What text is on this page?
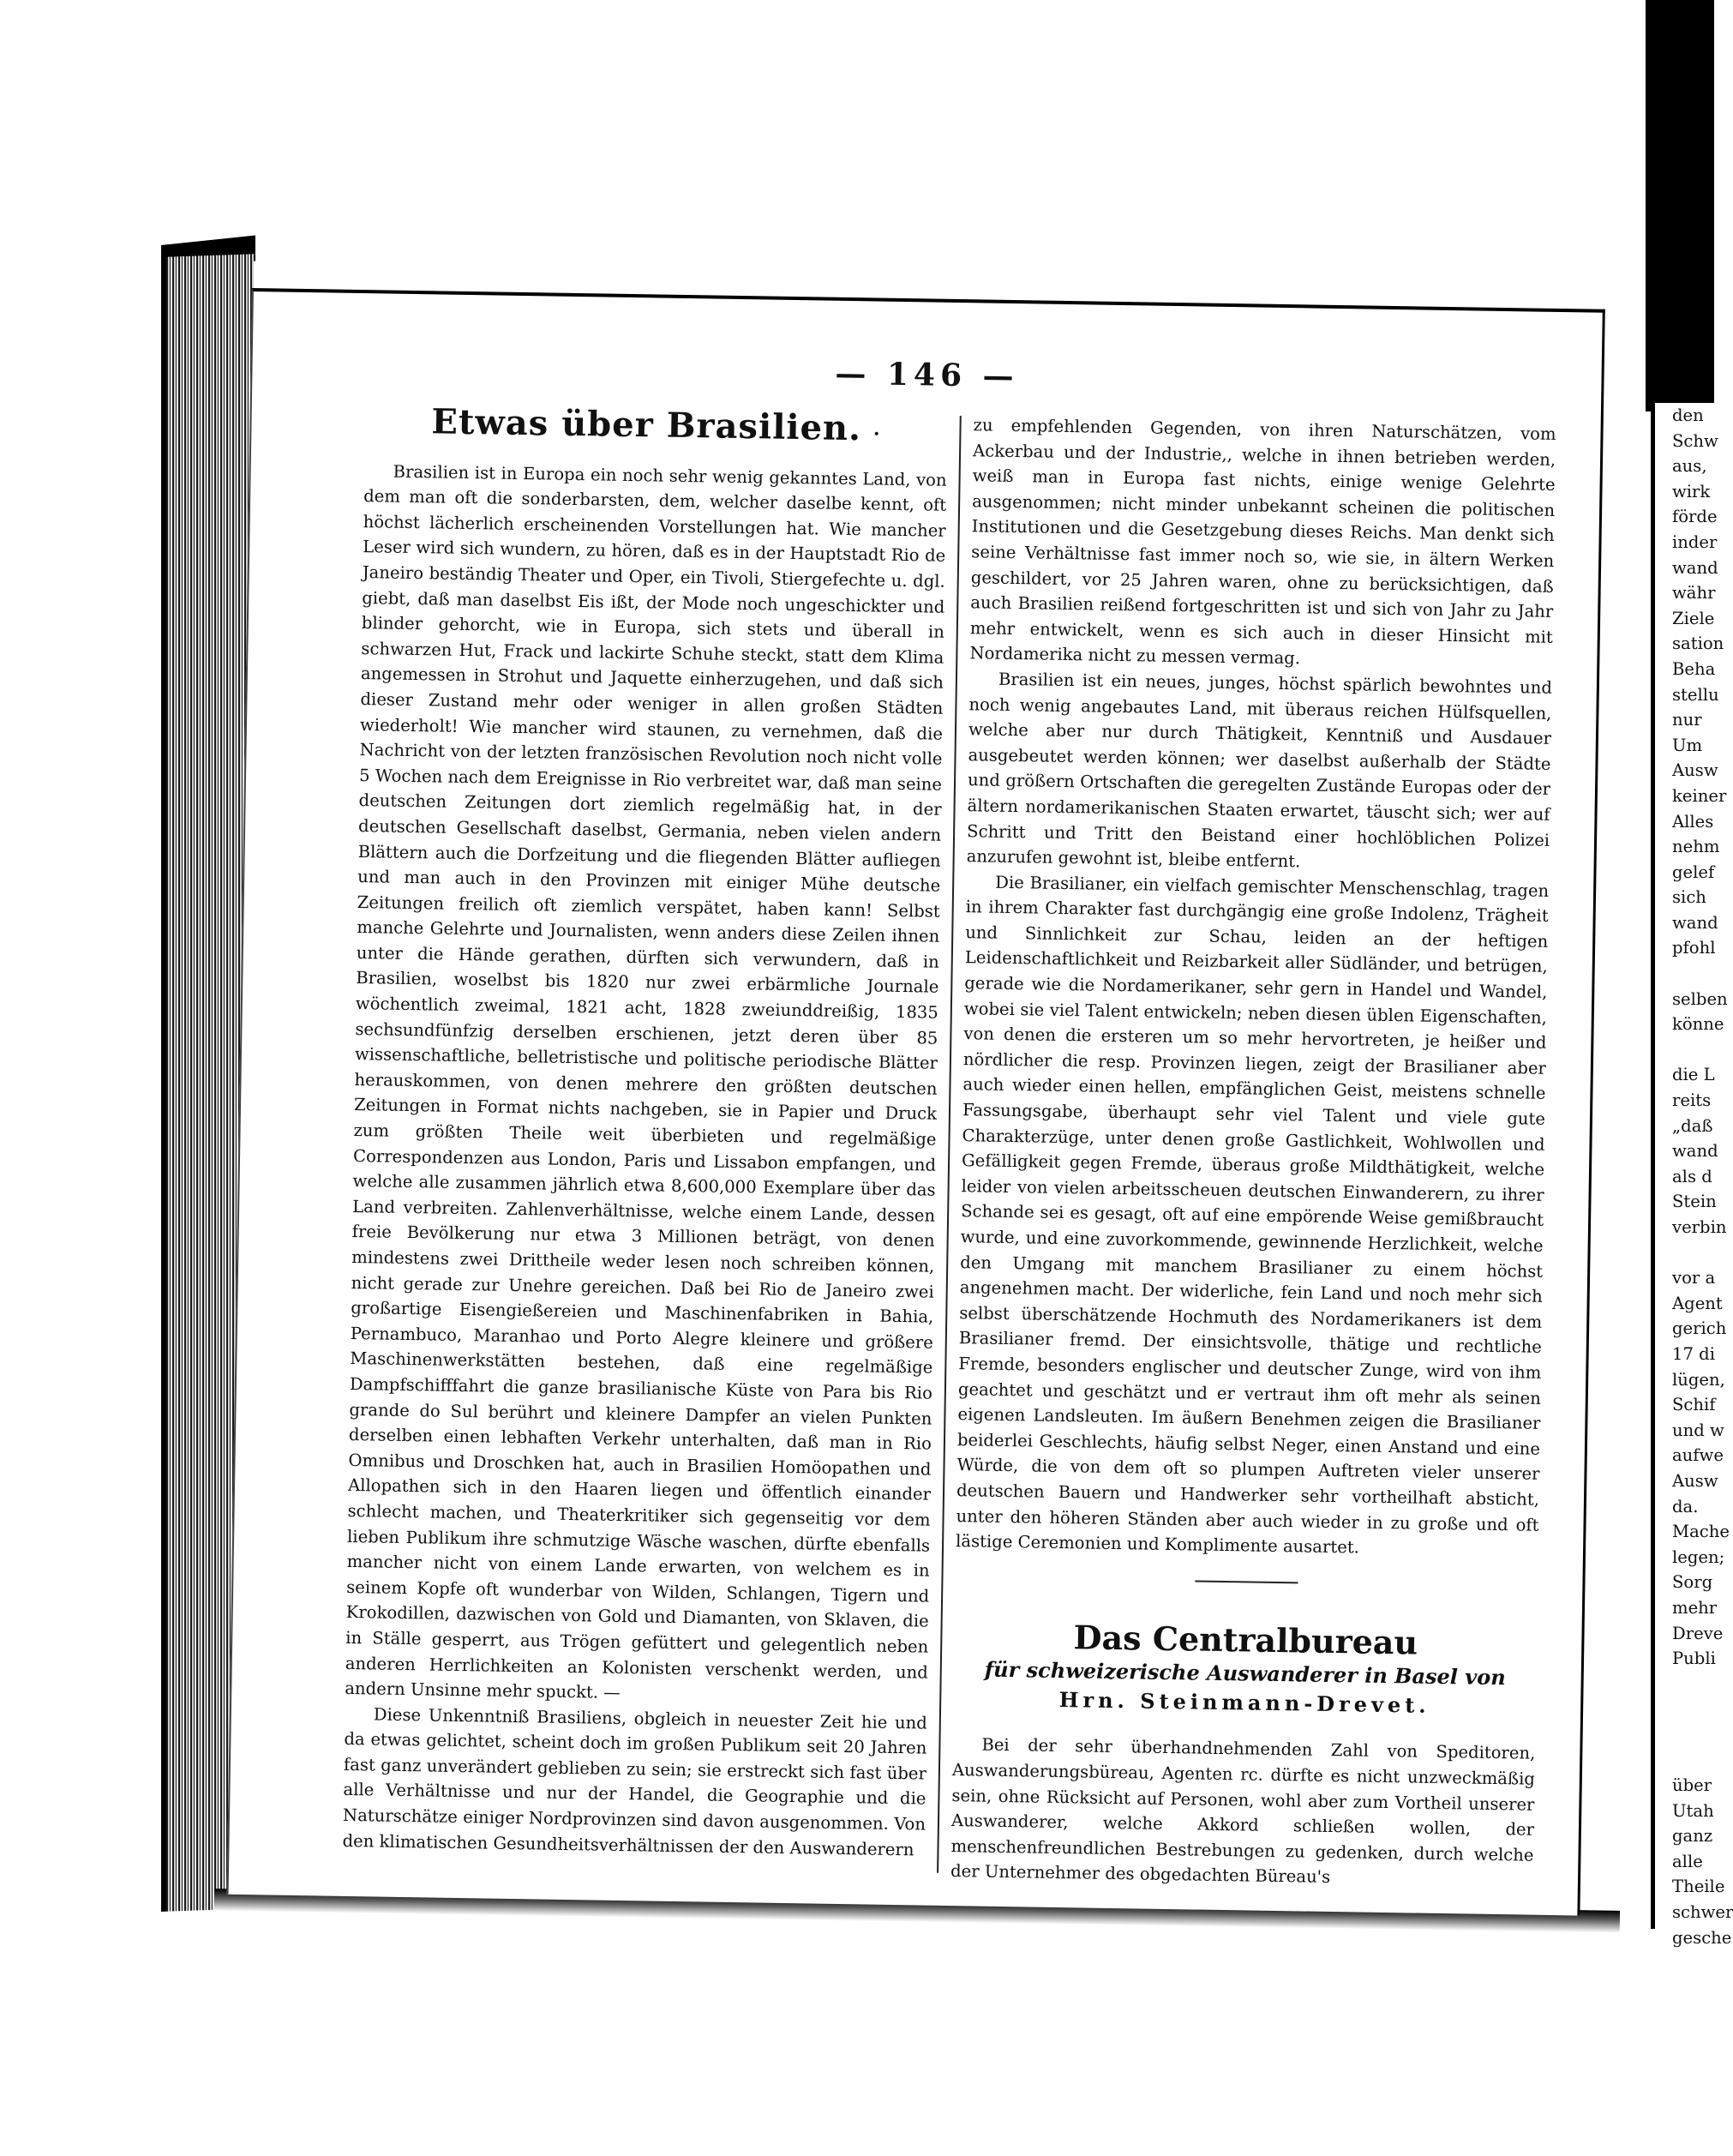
— 146 —
Etwas über Brasilien. ·

Brasilien ist in Europa ein noch sehr wenig gekanntes Land, von dem man oft die sonderbarsten, dem, welcher daselbe kennt, oft höchst lächerlich erscheinenden Vorstellungen hat. Wie mancher Leser wird sich wundern, zu hören, daß es in der Hauptstadt Rio de Janeiro beständig Theater und Oper, ein Tivoli, Stiergefechte u. dgl. giebt, daß man daselbst Eis ißt, der Mode noch ungeschickter und blinder gehorcht, wie in Europa, sich stets und überall in schwarzen Hut, Frack und lackirte Schuhe steckt, statt dem Klima angemessen in Strohut und Jaquette einherzugehen, und daß sich dieser Zustand mehr oder weniger in allen großen Städten wiederholt! Wie mancher wird staunen, zu vernehmen, daß die Nachricht von der letzten französischen Revolution noch nicht volle 5 Wochen nach dem Ereignisse in Rio verbreitet war, daß man seine deutschen Zeitungen dort ziemlich regelmäßig hat, in der deutschen Gesellschaft daselbst, Germania, neben vielen andern Blättern auch die Dorfzeitung und die fliegenden Blätter aufliegen und man auch in den Provinzen mit einiger Mühe deutsche Zeitungen freilich oft ziemlich verspätet, haben kann! Selbst manche Gelehrte und Journalisten, wenn anders diese Zeilen ihnen unter die Hände gerathen, dürften sich verwundern, daß in Brasilien, woselbst bis 1820 nur zwei erbärmliche Journale wöchentlich zweimal, 1821 acht, 1828 zweiunddreißig, 1835 sechsundfünfzig derselben erschienen, jetzt deren über 85 wissenschaftliche, belletristische und politische periodische Blätter herauskommen, von denen mehrere den größten deutschen Zeitungen in Format nichts nachgeben, sie in Papier und Druck zum größten Theile weit überbieten und regelmäßige Correspondenzen aus London, Paris und Lissabon empfangen, und welche alle zusammen jährlich etwa 8,600,000 Exemplare über das Land verbreiten. Zahlenverhältnisse, welche einem Lande, dessen freie Bevölkerung nur etwa 3 Millionen beträgt, von denen mindestens zwei Drittheile weder lesen noch schreiben können, nicht gerade zur Unehre gereichen. Daß bei Rio de Janeiro zwei großartige Eisengießereien und Maschinenfabriken in Bahia, Pernambuco, Maranhao und Porto Alegre kleinere und größere Maschinenwerkstätten bestehen, daß eine regelmäßige Dampfschifffahrt die ganze brasilianische Küste von Para bis Rio grande do Sul berührt und kleinere Dampfer an vielen Punkten derselben einen lebhaften Verkehr unterhalten, daß man in Rio Omnibus und Droschken hat, auch in Brasilien Homöopathen und Allopathen sich in den Haaren liegen und öffentlich einander schlecht machen, und Theaterkritiker sich gegenseitig vor dem lieben Publikum ihre schmutzige Wäsche waschen, dürfte ebenfalls mancher nicht von einem Lande erwarten, von welchem es in seinem Kopfe oft wunderbar von Wilden, Schlangen, Tigern und Krokodillen, dazwischen von Gold und Diamanten, von Sklaven, die in Ställe gesperrt, aus Trögen gefüttert und gelegentlich neben anderen Herrlichkeiten an Kolonisten verschenkt werden, und andern Unsinne mehr spuckt. —

Diese Unkenntniß Brasiliens, obgleich in neuester Zeit hie und da etwas gelichtet, scheint doch im großen Publikum seit 20 Jahren fast ganz unverändert geblieben zu sein; sie erstreckt sich fast über alle Verhältnisse und nur der Handel, die Geographie und die Naturschätze einiger Nordprovinzen sind davon ausgenommen. Von den klimatischen Gesundheitsverhältnissen der den Auswanderern

zu empfehlenden Gegenden, von ihren Naturschätzen, vom Ackerbau und der Industrie,, welche in ihnen betrieben werden, weiß man in Europa fast nichts, einige wenige Gelehrte ausgenommen; nicht minder unbekannt scheinen die politischen Institutionen und die Gesetzgebung dieses Reichs. Man denkt sich seine Verhältnisse fast immer noch so, wie sie, in ältern Werken geschildert, vor 25 Jahren waren, ohne zu berücksichtigen, daß auch Brasilien reißend fortgeschritten ist und sich von Jahr zu Jahr mehr entwickelt, wenn es sich auch in dieser Hinsicht mit Nordamerika nicht zu messen vermag.

Brasilien ist ein neues, junges, höchst spärlich bewohntes und noch wenig angebautes Land, mit überaus reichen Hülfsquellen, welche aber nur durch Thätigkeit, Kenntniß und Ausdauer ausgebeutet werden können; wer daselbst außerhalb der Städte und größern Ortschaften die geregelten Zustände Europas oder der ältern nordamerikanischen Staaten erwartet, täuscht sich; wer auf Schritt und Tritt den Beistand einer hochlöblichen Polizei anzurufen gewohnt ist, bleibe entfernt.

Die Brasilianer, ein vielfach gemischter Menschenschlag, tragen in ihrem Charakter fast durchgängig eine große Indolenz, Trägheit und Sinnlichkeit zur Schau, leiden an der heftigen Leidenschaftlichkeit und Reizbarkeit aller Südländer, und betrügen, gerade wie die Nordamerikaner, sehr gern in Handel und Wandel, wobei sie viel Talent entwickeln; neben diesen üblen Eigenschaften, von denen die ersteren um so mehr hervortreten, je heißer und nördlicher die resp. Provinzen liegen, zeigt der Brasilianer aber auch wieder einen hellen, empfänglichen Geist, meistens schnelle Fassungsgabe, überhaupt sehr viel Talent und viele gute Charakterzüge, unter denen große Gastlichkeit, Wohlwollen und Gefälligkeit gegen Fremde, überaus große Mildthätigkeit, welche leider von vielen arbeitsscheuen deutschen Einwanderern, zu ihrer Schande sei es gesagt, oft auf eine empörende Weise gemißbraucht wurde, und eine zuvorkommende, gewinnende Herzlichkeit, welche den Umgang mit manchem Brasilianer zu einem höchst angenehmen macht. Der widerliche, fein Land und noch mehr sich selbst überschätzende Hochmuth des Nordamerikaners ist dem Brasilianer fremd. Der einsichtsvolle, thätige und rechtliche Fremde, besonders englischer und deutscher Zunge, wird von ihm geachtet und geschätzt und er vertraut ihm oft mehr als seinen eigenen Landsleuten. Im äußern Benehmen zeigen die Brasilianer beiderlei Geschlechts, häufig selbst Neger, einen Anstand und eine Würde, die von dem oft so plumpen Auftreten vieler unserer deutschen Bauern und Handwerker sehr vortheilhaft absticht, unter den höheren Ständen aber auch wieder in zu große und oft lästige Ceremonien und Komplimente ausartet.

Das Centralbureau
für schweizerische Auswanderer in Basel von
Hrn. Steinmann-Drevet.

Bei der sehr überhandnehmenden Zahl von Speditoren, Auswanderungsbüreau, Agenten rc. dürfte es nicht unzweckmäßig sein, ohne Rücksicht auf Personen, wohl aber zum Vortheil unserer Auswanderer, welche Akkord schließen wollen, der menschenfreundlichen Bestrebungen zu gedenken, durch welche der Unternehmer des obgedachten Büreau's

den
Schw
aus,
wirk
förde
inder
wand
währ
Ziele
sation
Beha
stellu
nur
Um
Ausw
keiner
Alles
nehm
gelef
sich
wand
pfohl

selben
könne

die L
reits
„daß
wand
als d
Stein
verbin

vor a
Agent
gerich
17 di
lügen,
Schif
und w
aufwe
Ausw
da.
Mache
legen;
Sorg
mehr
Dreve
Publi

über
Utah
ganz
alle
Theile
schwer
gesche
